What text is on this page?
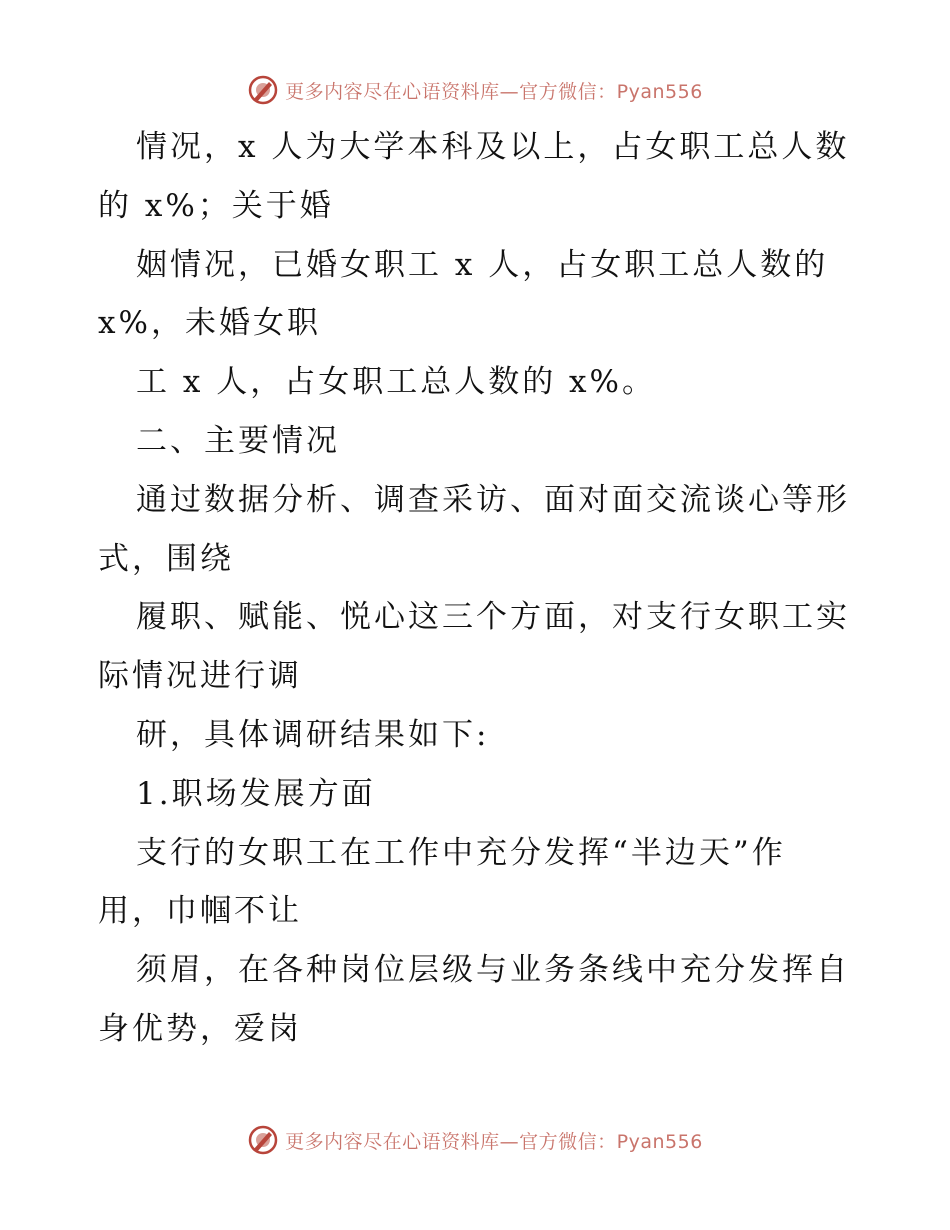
更多内容尽在心语资料库—官方微信：Pyan556
情况，x 人为大学本科及以上，占女职工总人数
的 x%；关于婚
姻情况，已婚女职工 x 人，占女职工总人数的
x%，未婚女职
工 x 人，占女职工总人数的 x%。
二、主要情况
通过数据分析、调查采访、面对面交流谈心等形
式，围绕
履职、赋能、悦心这三个方面，对支行女职工实
际情况进行调
研，具体调研结果如下:
1.职场发展方面
支行的女职工在工作中充分发挥“半边天”作
用，巾帼不让
须眉，在各种岗位层级与业务条线中充分发挥自
身优势，爱岗
更多内容尽在心语资料库—官方微信：Pyan556
